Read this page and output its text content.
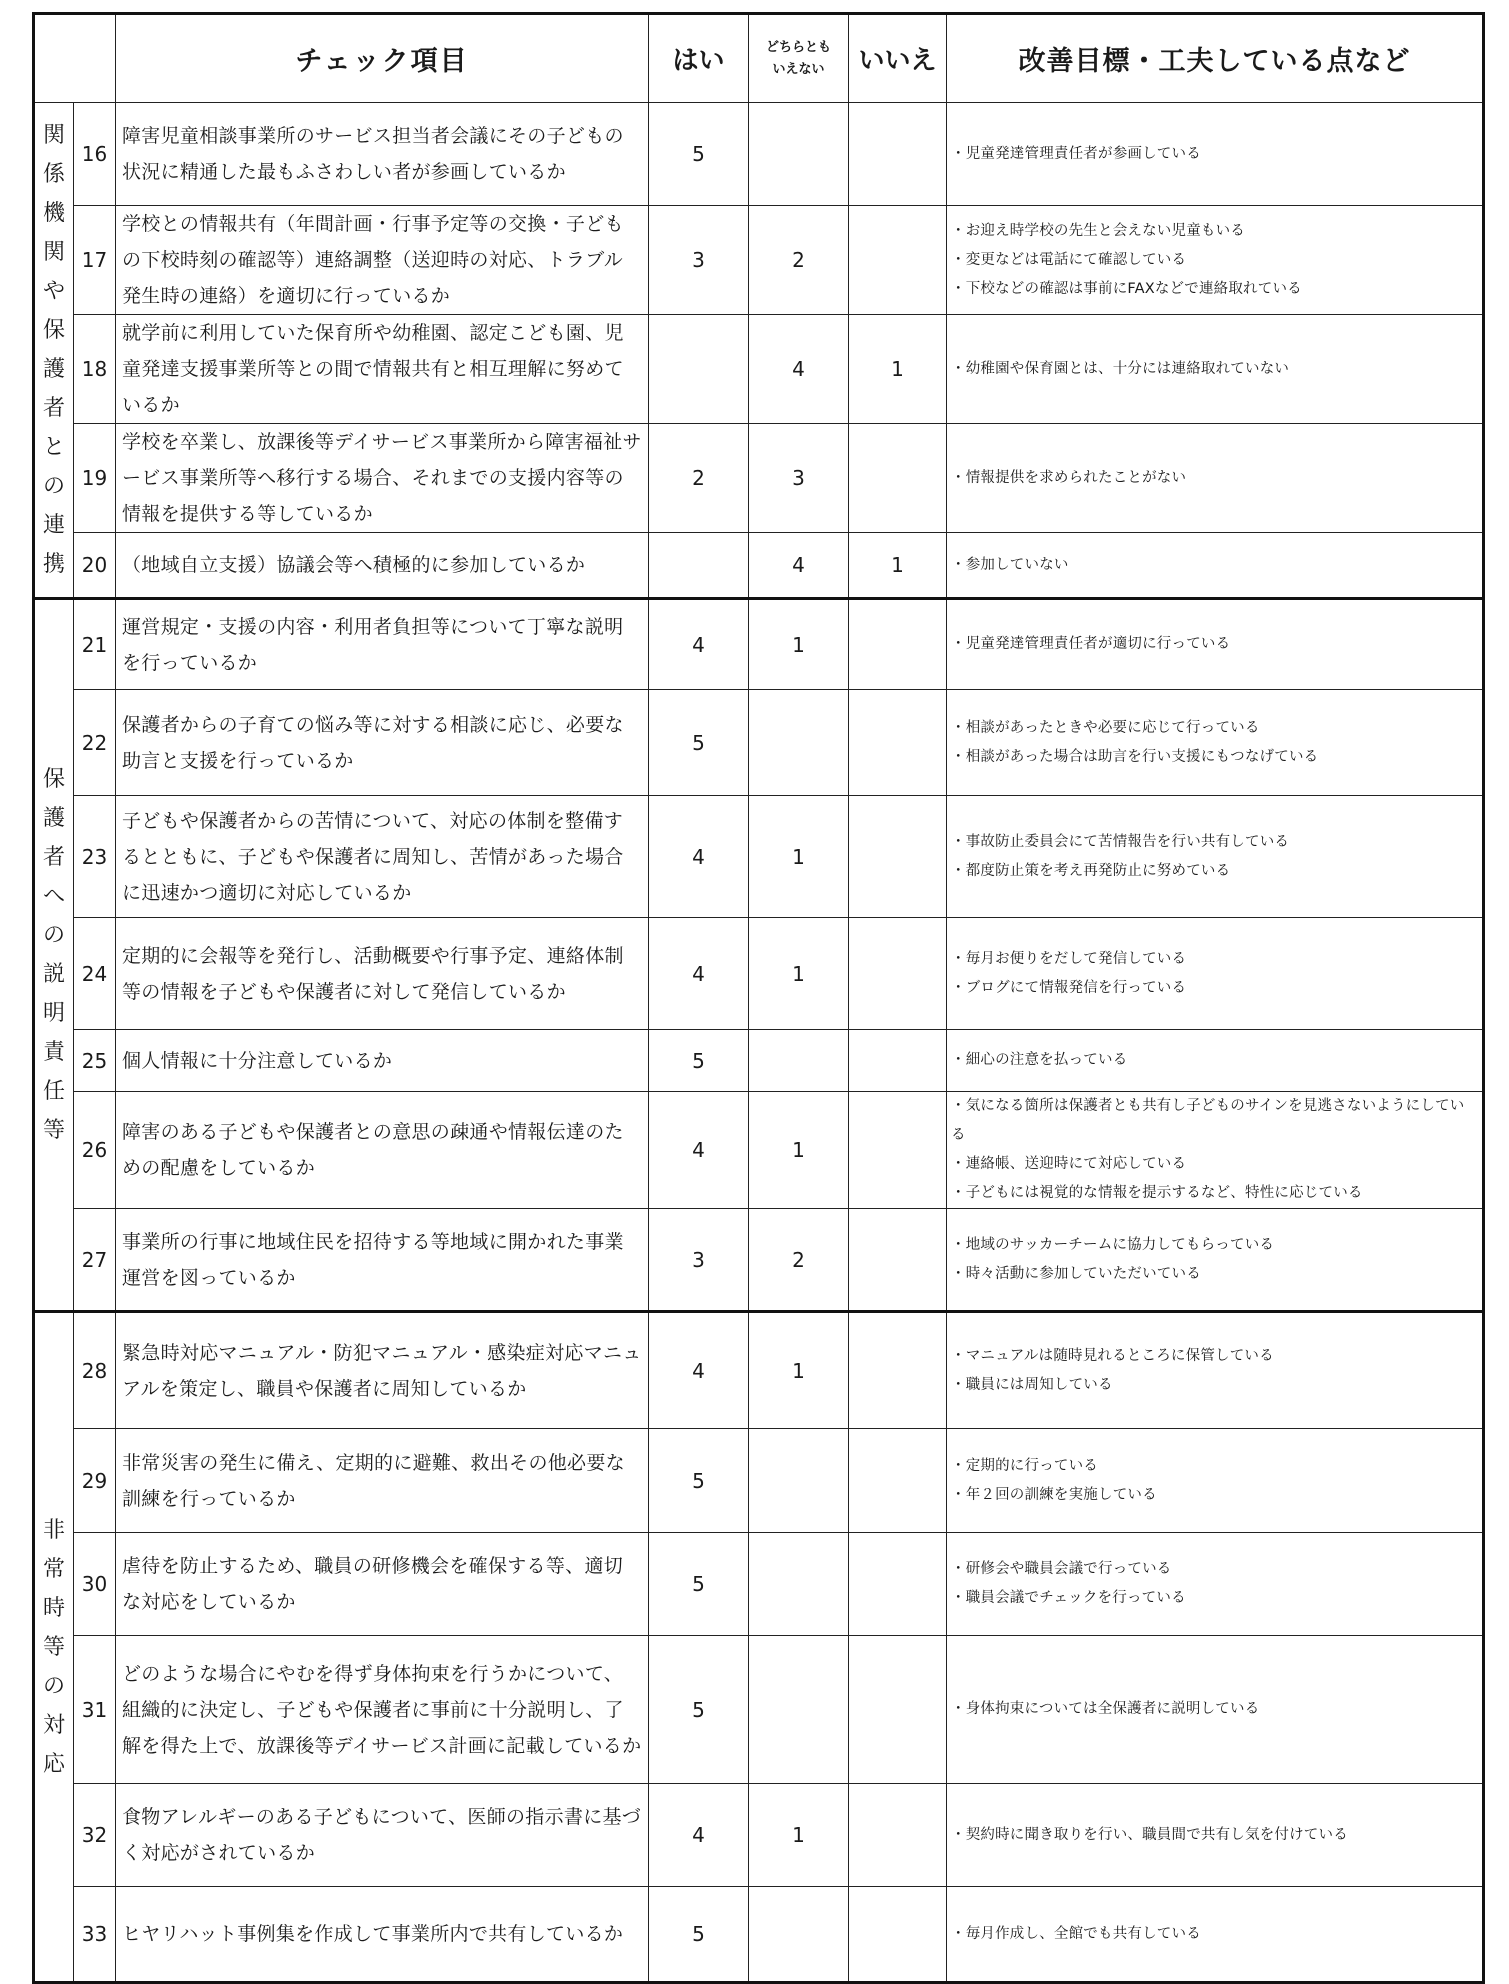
		チェック項目	はい	どちらとも
いえない	いいえ	改善目標・工夫している点など
関係機関や保護者との連携	16	障害児童相談事業所のサービス担当者会議にその子どもの状況に精通した最もふさわしい者が参画しているか	5			・児童発達管理責任者が参画している

	17	学校との情報共有（年間計画・行事予定等の交換・子どもの下校時刻の確認等）連絡調整（送迎時の対応、トラブル発生時の連絡）を適切に行っているか	3	2		・お迎え時学校の先生と会えない児童もいる
・変更などは電話にて確認している
・下校などの確認は事前にFAXなどで連絡取れている

	18	就学前に利用していた保育所や幼稚園、認定こども園、児童発達支援事業所等との間で情報共有と相互理解に努めているか		4	1	・幼稚園や保育園とは、十分には連絡取れていない

	19	学校を卒業し、放課後等デイサービス事業所から障害福祉サービス事業所等へ移行する場合、それまでの支援内容等の情報を提供する等しているか	2	3		・情報提供を求められたことがない

	20	（地域自立支援）協議会等へ積極的に参加しているか		4	1	・参加していない

保護者への説明責任等	21	運営規定・支援の内容・利用者負担等について丁寧な説明を行っているか	4	1		・児童発達管理責任者が適切に行っている

	22	保護者からの子育ての悩み等に対する相談に応じ、必要な助言と支援を行っているか	5			・相談があったときや必要に応じて行っている
・相談があった場合は助言を行い支援にもつなげている

	23	子どもや保護者からの苦情について、対応の体制を整備するとともに、子どもや保護者に周知し、苦情があった場合に迅速かつ適切に対応しているか	4	1		・事故防止委員会にて苦情報告を行い共有している
・都度防止策を考え再発防止に努めている

	24	定期的に会報等を発行し、活動概要や行事予定、連絡体制等の情報を子どもや保護者に対して発信しているか	4	1		・毎月お便りをだして発信している
・ブログにて情報発信を行っている

	25	個人情報に十分注意しているか	5			・細心の注意を払っている

	26	障害のある子どもや保護者との意思の疎通や情報伝達のための配慮をしているか	4	1		・気になる箇所は保護者とも共有し子どものサインを見逃さないようにしている
・連絡帳、送迎時にて対応している
・子どもには視覚的な情報を提示するなど、特性に応じている

	27	事業所の行事に地域住民を招待する等地域に開かれた事業運営を図っているか	3	2		・地域のサッカーチームに協力してもらっている
・時々活動に参加していただいている

非常時等の対応	28	緊急時対応マニュアル・防犯マニュアル・感染症対応マニュアルを策定し、職員や保護者に周知しているか	4	1		・マニュアルは随時見れるところに保管している
・職員には周知している

	29	非常災害の発生に備え、定期的に避難、救出その他必要な訓練を行っているか	5			・定期的に行っている
・年２回の訓練を実施している

	30	虐待を防止するため、職員の研修機会を確保する等、適切な対応をしているか	5			・研修会や職員会議で行っている
・職員会議でチェックを行っている

	31	どのような場合にやむを得ず身体拘束を行うかについて、組織的に決定し、子どもや保護者に事前に十分説明し、了解を得た上で、放課後等デイサービス計画に記載しているか	5			・身体拘束については全保護者に説明している

	32	食物アレルギーのある子どもについて、医師の指示書に基づく対応がされているか	4	1		・契約時に聞き取りを行い、職員間で共有し気を付けている

	33	ヒヤリハット事例集を作成して事業所内で共有しているか	5			・毎月作成し、全館でも共有している
